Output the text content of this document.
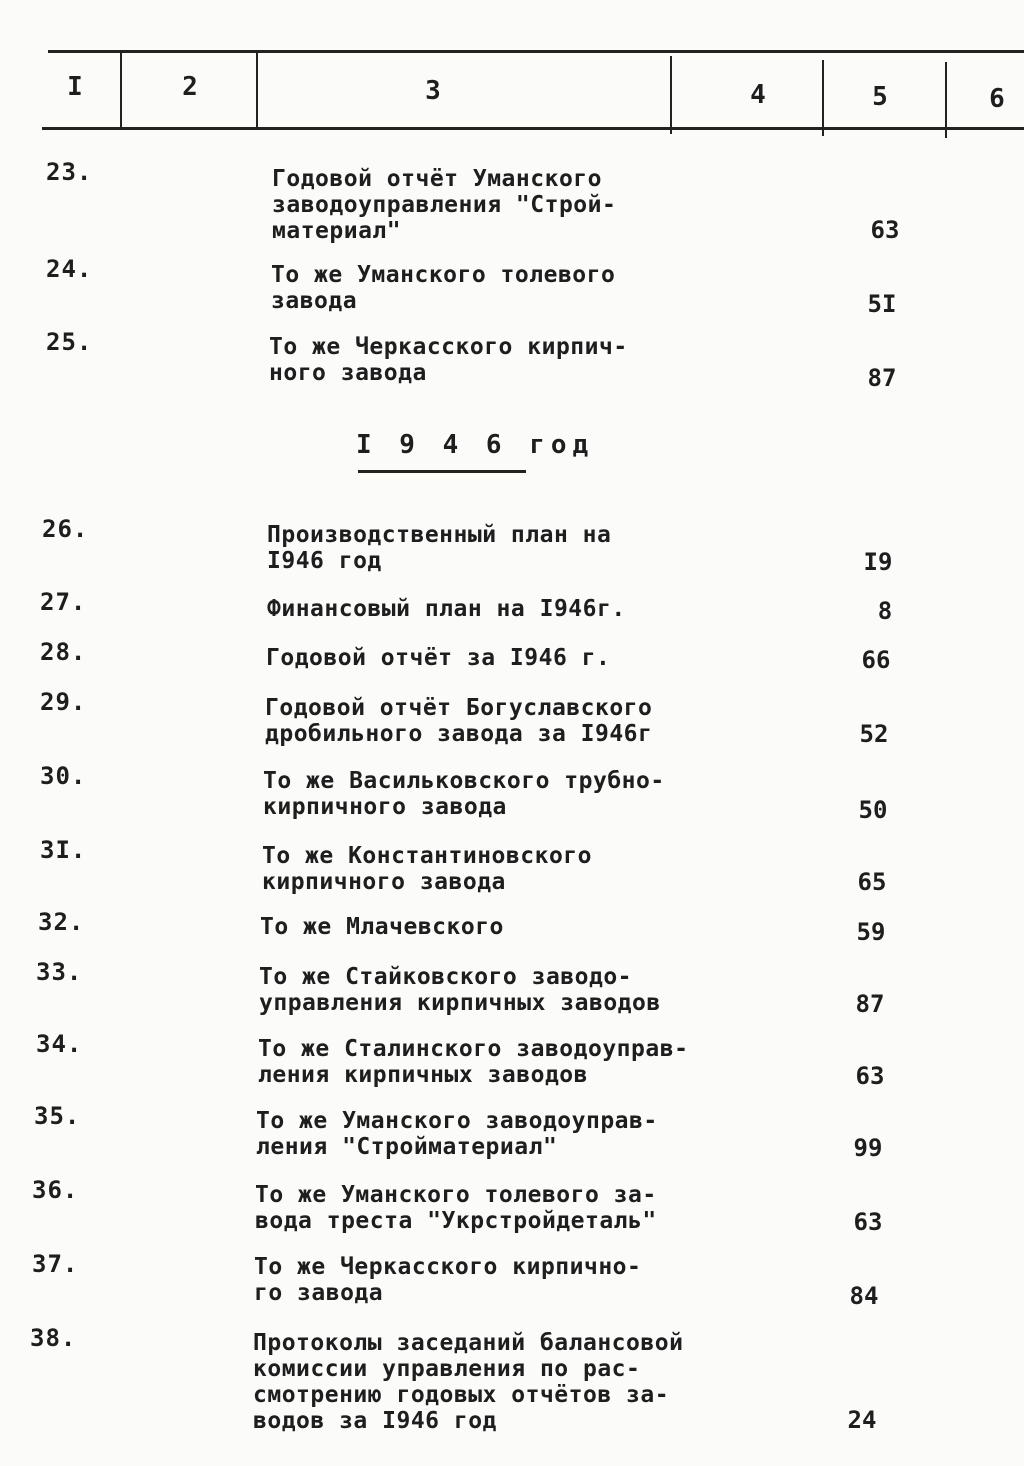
I	2	3	4	5	6
23.	Годовой отчёт Уманского
заводоуправления "Строй-
материал"	63
24.	То же Уманского толевого
завода	5I
25.	То же Черкасского кирпич-
ного завода	87
I 9 4 6 год
26.	Производственный план на
I946 год	I9
27.	Финансовый план на I946г.	8
28.	Годовой отчёт за I946 г.	66
29.	Годовой отчёт Богуславского
дробильного завода за I946г	52
30.	То же Васильковского трубно-
кирпичного завода	50
3I.	То же Константиновского
кирпичного завода	65
32.	То же Млачевского	59
33.	То же Стайковского заводо-
управления кирпичных заводов	87
34.	То же Сталинского заводоуправ-
ления кирпичных заводов	63
35.	То же Уманского заводоуправ-
ления "Стройматериал"	99
36.	То же Уманского толевого за-
вода треста "Укрстройдеталь"	63
37.	То же Черкасского кирпично-
го завода	84
38.	Протоколы заседаний балансовой
комиссии управления по рас-
смотрению годовых отчётов за-
водов за I946 год	24
